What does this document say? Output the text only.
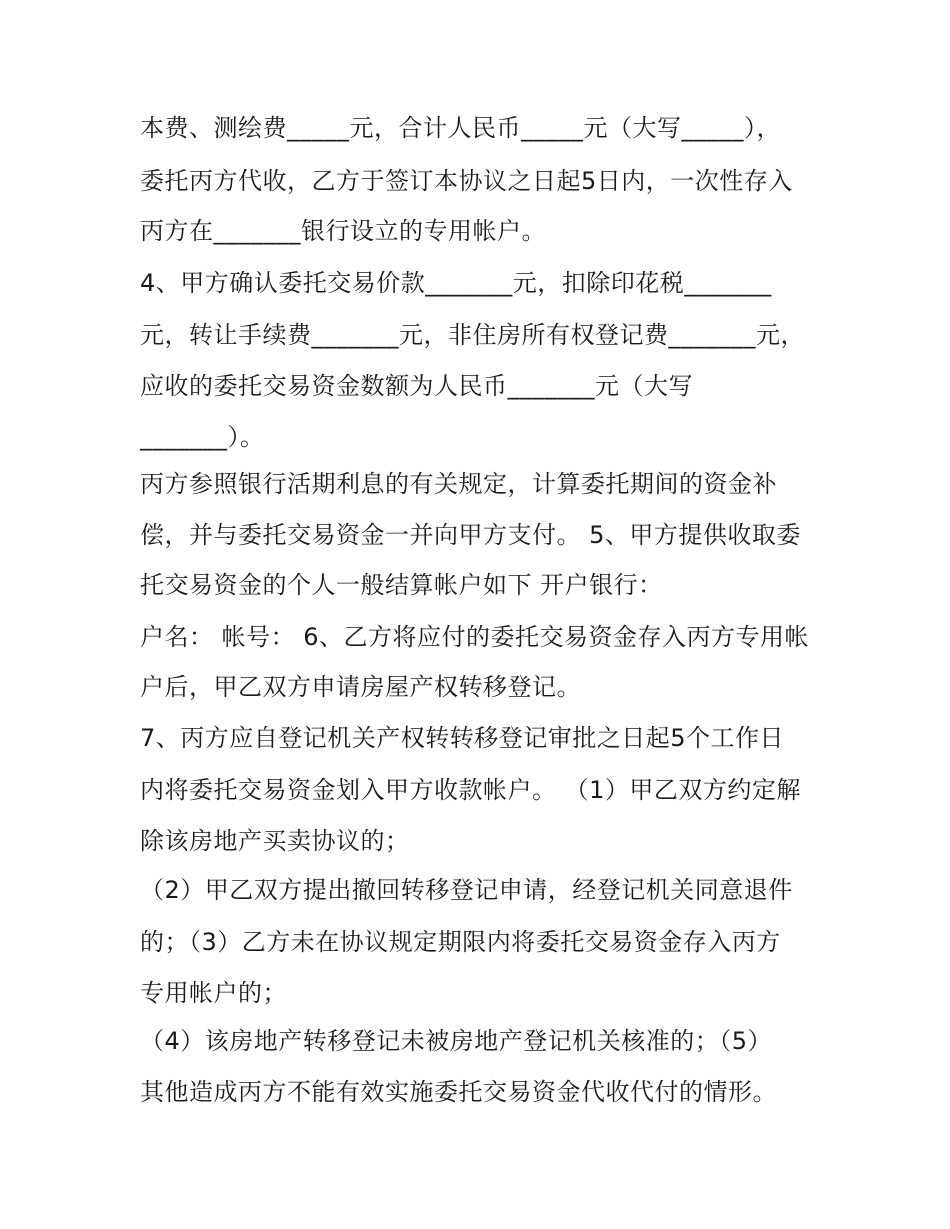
本费、测绘费_____元，合计人民币_____元（大写_____），
委托丙方代收，乙方于签订本协议之日起5日内，一次性存入
丙方在_______银行设立的专用帐户。
4、甲方确认委托交易价款_______元，扣除印花税_______
元，转让手续费_______元，非住房所有权登记费_______元，
应收的委托交易资金数额为人民币_______元（大写
_______）。
丙方参照银行活期利息的有关规定，计算委托期间的资金补
偿，并与委托交易资金一并向甲方支付。 5、甲方提供收取委
托交易资金的个人一般结算帐户如下 开户银行：
户名： 帐号： 6、乙方将应付的委托交易资金存入丙方专用帐
户后，甲乙双方申请房屋产权转移登记。
7、丙方应自登记机关产权转转移登记审批之日起5个工作日
内将委托交易资金划入甲方收款帐户。 （1）甲乙双方约定解
除该房地产买卖协议的；
（2）甲乙双方提出撤回转移登记申请，经登记机关同意退件
的；（3）乙方未在协议规定期限内将委托交易资金存入丙方
专用帐户的；
（4）该房地产转移登记未被房地产登记机关核准的；（5）
其他造成丙方不能有效实施委托交易资金代收代付的情形。
